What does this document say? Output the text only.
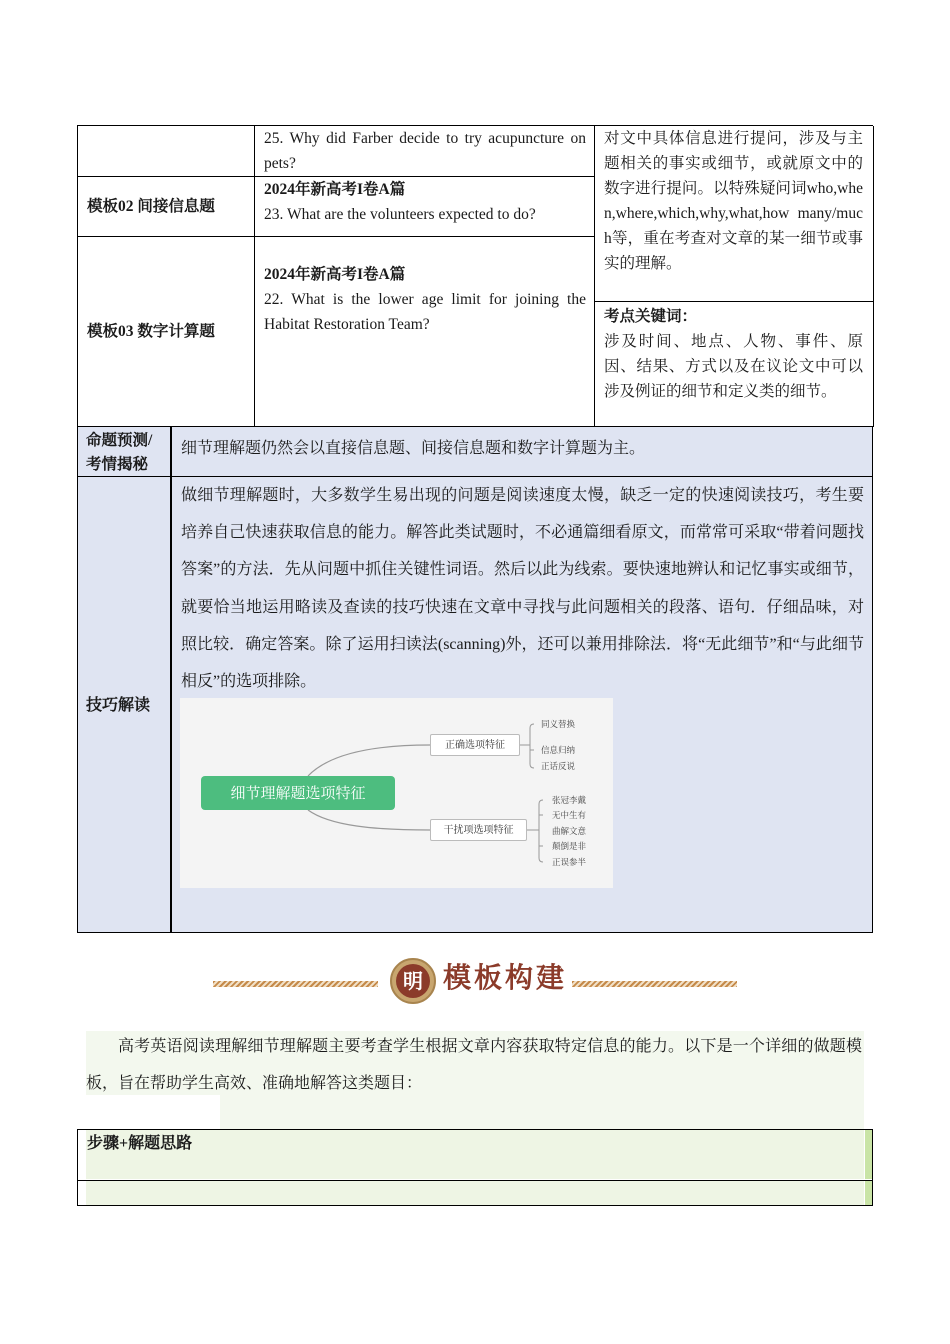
25. Why did Farber decide to try acupuncture on pets?
模板02 间接信息题
2024年新高考I卷A篇
23. What are the volunteers expected to do?
模板03 数字计算题
2024年新高考I卷A篇
22. What is the lower age limit for joining the Habitat Restoration Team?
对文中具体信息进行提问，涉及与主题相关的事实或细节，或就原文中的数字进行提问。以特殊疑问词who,when,where,which,why,what,how many/much等，重在考查对文章的某一细节或事实的理解。
考点关键词：
涉及时间、地点、人物、事件、原因、结果、方式以及在议论文中可以涉及例证的细节和定义类的细节。
命题预测/
考情揭秘
细节理解题仍然会以直接信息题、间接信息题和数字计算题为主。
技巧解读
做细节理解题时，大多数学生易出现的问题是阅读速度太慢，缺乏一定的快速阅读技巧，考生要培养自己快速获取信息的能力。解答此类试题时，不必通篇细看原文，而常常可采取“带着问题找答案”的方法．先从问题中抓住关键性词语。然后以此为线索。要快速地辨认和记忆事实或细节，就要恰当地运用略读及查读的技巧快速在文章中寻找与此问题相关的段落、语句．仔细品味，对照比较．确定答案。除了运用扫读法(scanning)外，还可以兼用排除法．将“无此细节”和“与此细节相反”的选项排除。
细节理解题选项特征
正确选项特征
干扰项选项特征
同义替换
信息归纳
正话反说
张冠李戴
无中生有
曲解文意
颠倒是非
正误参半
明 模板构建
高考英语阅读理解细节理解题主要考查学生根据文章内容获取特定信息的能力。以下是一个详细的做题模板，旨在帮助学生高效、准确地解答这类题目：
步骤+解题思路
